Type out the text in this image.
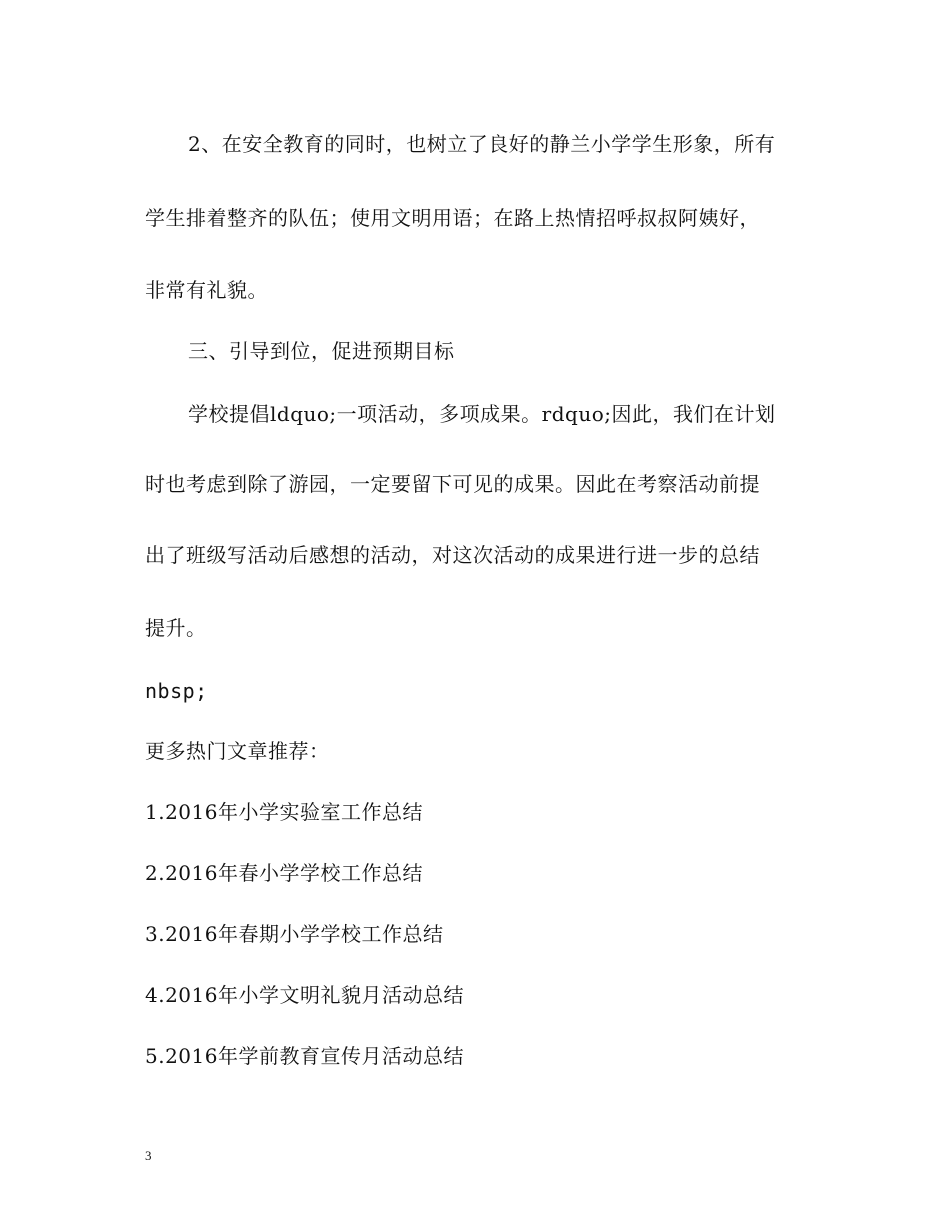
2、在安全教育的同时，也树立了良好的静兰小学学生形象，所有
学生排着整齐的队伍；使用文明用语；在路上热情招呼叔叔阿姨好，
非常有礼貌。
三、引导到位，促进预期目标
学校提倡ldquo;一项活动，多项成果。rdquo;因此，我们在计划
时也考虑到除了游园，一定要留下可见的成果。因此在考察活动前提
出了班级写活动后感想的活动，对这次活动的成果进行进一步的总结
提升。
nbsp;
更多热门文章推荐：
1.2016年小学实验室工作总结
2.2016年春小学学校工作总结
3.2016年春期小学学校工作总结
4.2016年小学文明礼貌月活动总结
5.2016年学前教育宣传月活动总结
3
